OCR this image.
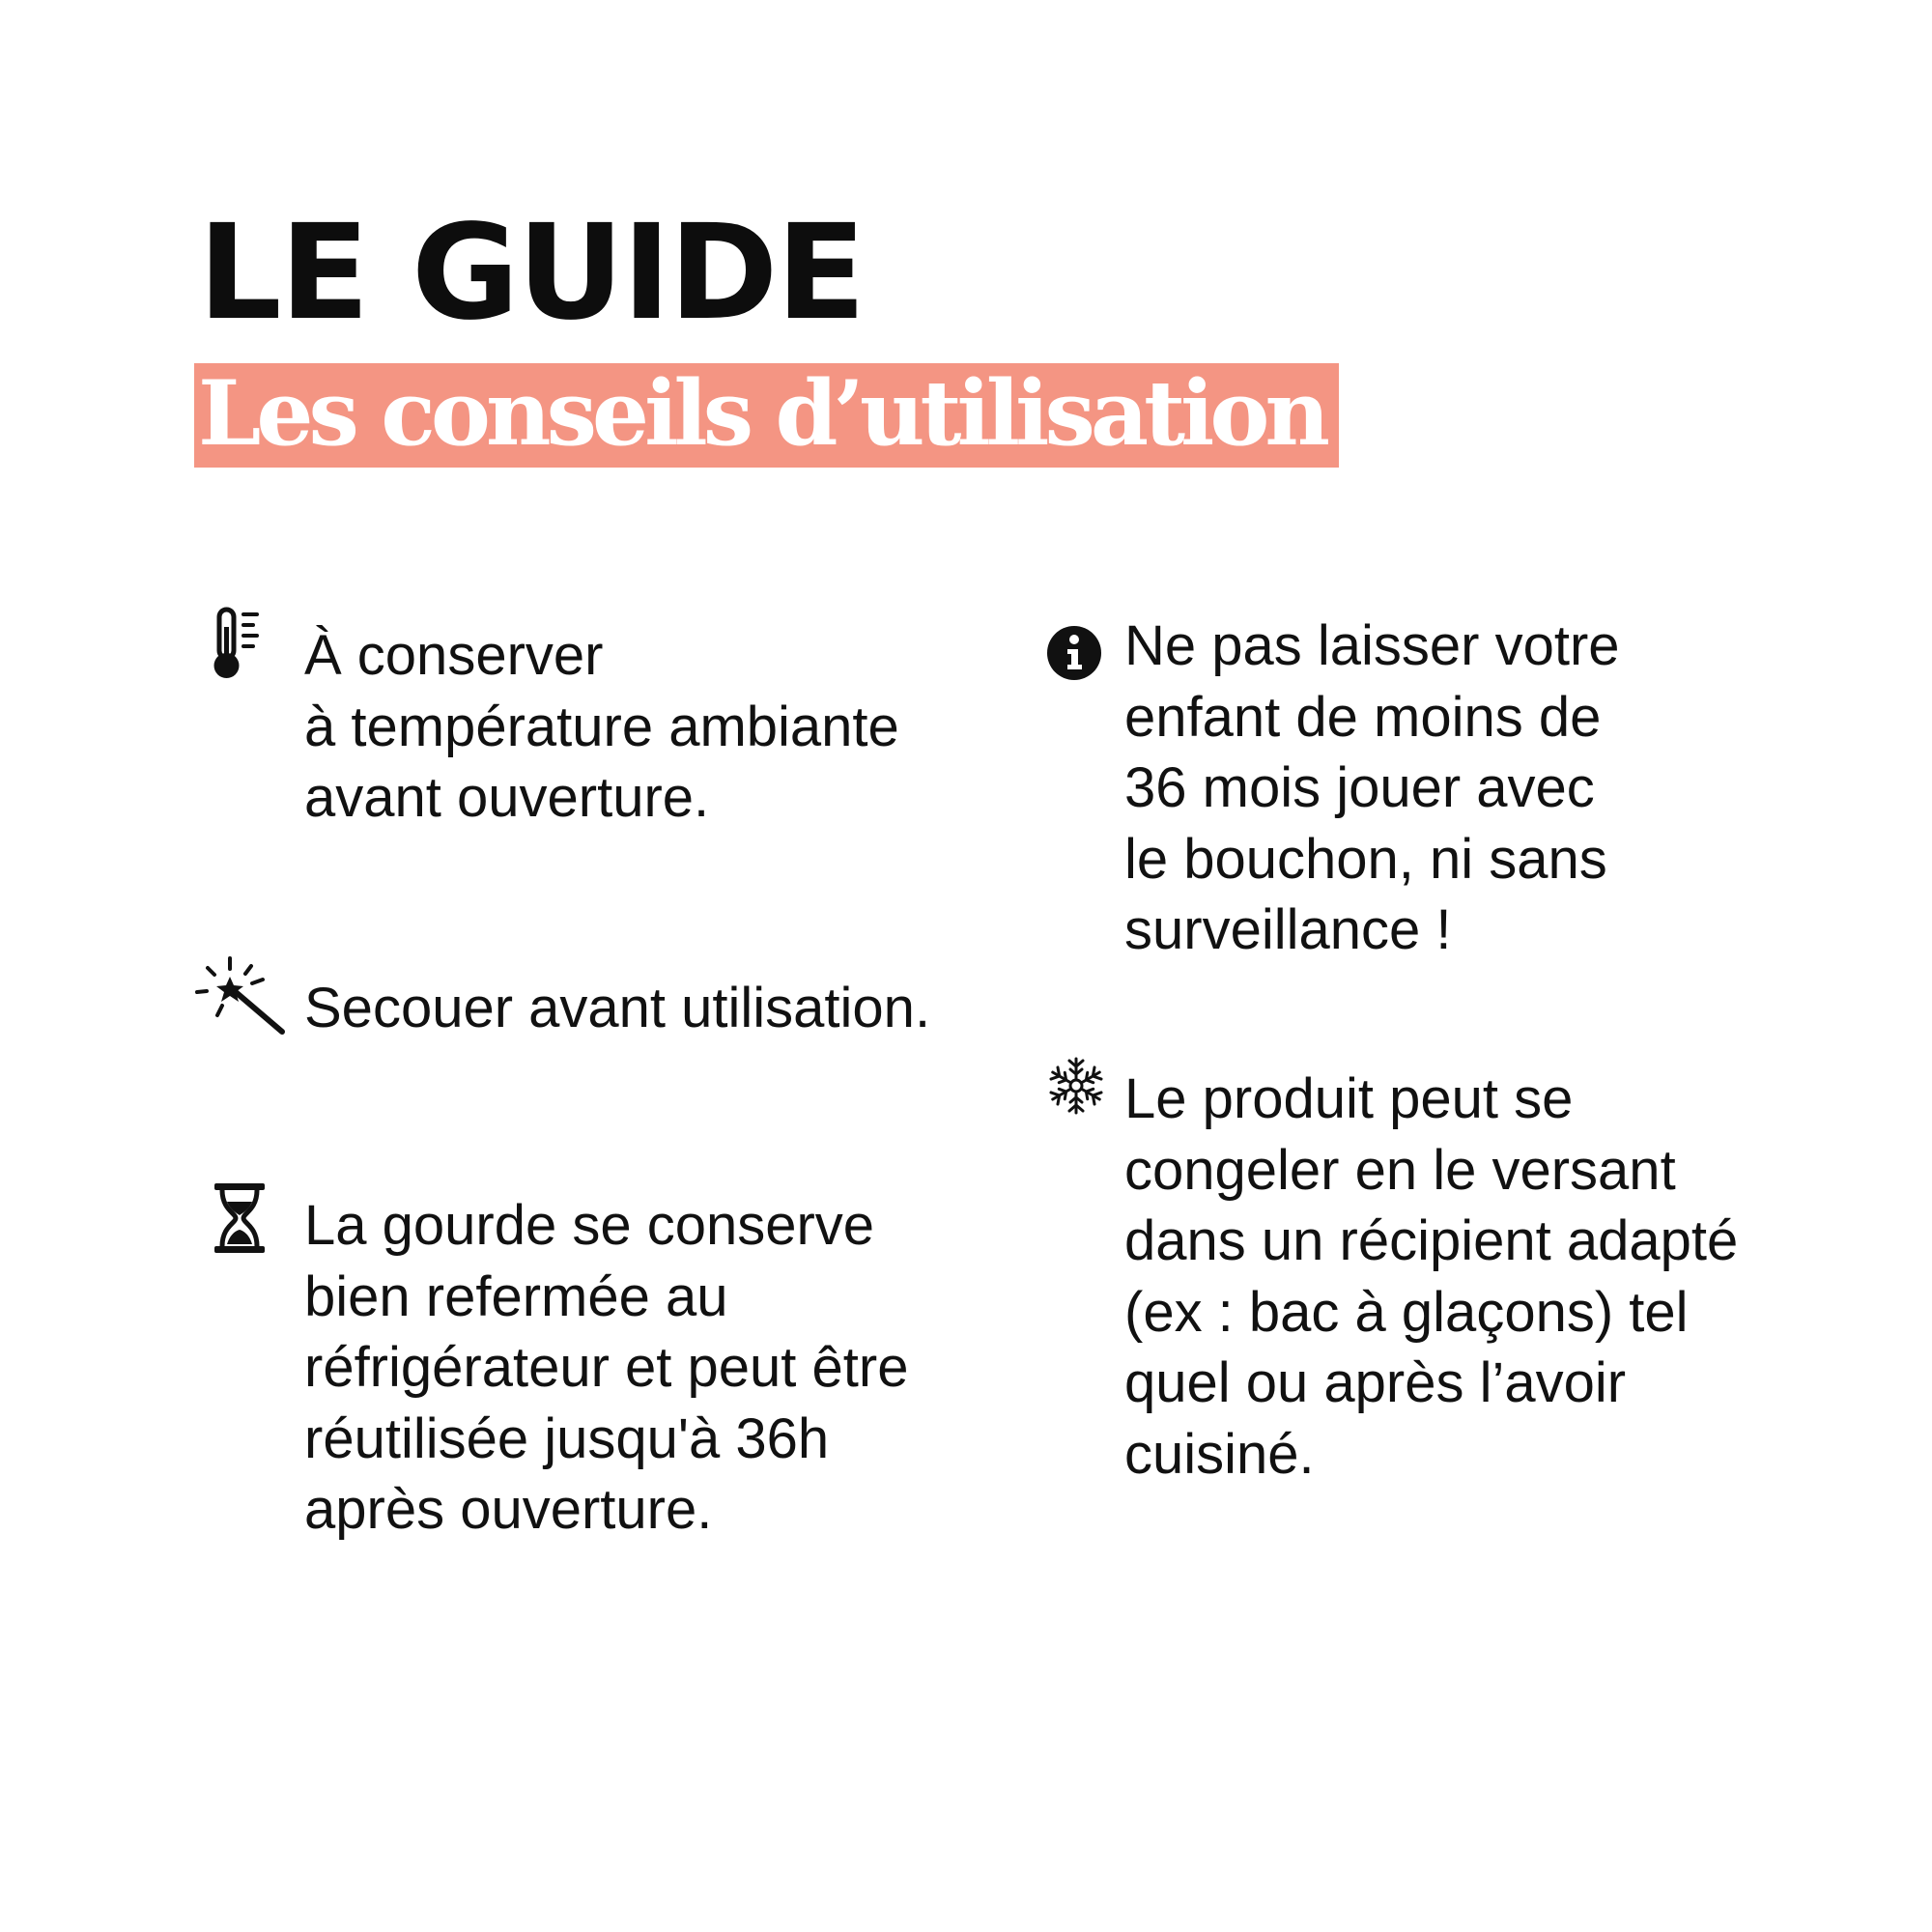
LE GUIDE
Les conseils d’utilisation

À conserver
à température ambiante
avant ouverture.

Secouer avant utilisation.

La gourde se conserve
bien refermée au
réfrigérateur et peut être
réutilisée jusqu'à 36h
après ouverture.

Ne pas laisser votre
enfant de moins de
36 mois jouer avec
le bouchon, ni sans
surveillance !

Le produit peut se
congeler en le versant
dans un récipient adapté
(ex : bac à glaçons) tel
quel ou après l’avoir
cuisiné.
